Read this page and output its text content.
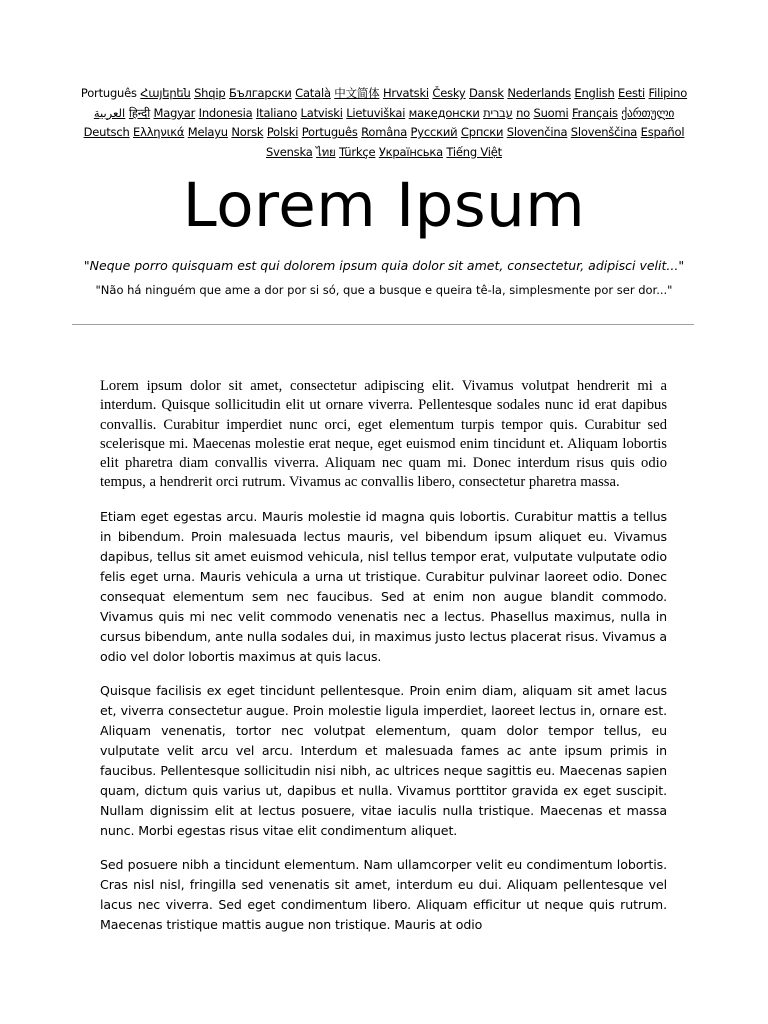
Português Հայերեն Shqip Български Català 中文简体 Hrvatski Česky Dansk Nederlands English Eesti Filipino العربية हिन्दी Magyar Indonesia Italiano Latviski Lietuviškai македонски עברית no Suomi Français ქართული Deutsch Ελληνικά Melayu Norsk Polski Português Româna Русский Српски Slovenčina Slovenščina Español Svenska ไทย Türkçe Українська Tiếng Việt
Lorem Ipsum
"Neque porro quisquam est qui dolorem ipsum quia dolor sit amet, consectetur, adipisci velit..."
"Não há ninguém que ame a dor por si só, que a busque e queira tê-la, simplesmente por ser dor..."

Lorem ipsum dolor sit amet, consectetur adipiscing elit. Vivamus volutpat hendrerit mi a interdum. Quisque sollicitudin elit ut ornare viverra. Pellentesque sodales nunc id erat dapibus convallis. Curabitur imperdiet nunc orci, eget elementum turpis tempor quis. Curabitur sed scelerisque mi. Maecenas molestie erat neque, eget euismod enim tincidunt et. Aliquam lobortis elit pharetra diam convallis viverra. Aliquam nec quam mi. Donec interdum risus quis odio tempus, a hendrerit orci rutrum. Vivamus ac convallis libero, consectetur pharetra massa.

Etiam eget egestas arcu. Mauris molestie id magna quis lobortis. Curabitur mattis a tellus in bibendum. Proin malesuada lectus mauris, vel bibendum ipsum aliquet eu. Vivamus dapibus, tellus sit amet euismod vehicula, nisl tellus tempor erat, vulputate vulputate odio felis eget urna. Mauris vehicula a urna ut tristique. Curabitur pulvinar laoreet odio. Donec consequat elementum sem nec faucibus. Sed at enim non augue blandit commodo. Vivamus quis mi nec velit commodo venenatis nec a lectus. Phasellus maximus, nulla in cursus bibendum, ante nulla sodales dui, in maximus justo lectus placerat risus. Vivamus a odio vel dolor lobortis maximus at quis lacus.

Quisque facilisis ex eget tincidunt pellentesque. Proin enim diam, aliquam sit amet lacus et, viverra consectetur augue. Proin molestie ligula imperdiet, laoreet lectus in, ornare est. Aliquam venenatis, tortor nec volutpat elementum, quam dolor tempor tellus, eu vulputate velit arcu vel arcu. Interdum et malesuada fames ac ante ipsum primis in faucibus. Pellentesque sollicitudin nisi nibh, ac ultrices neque sagittis eu. Maecenas sapien quam, dictum quis varius ut, dapibus et nulla. Vivamus porttitor gravida ex eget suscipit. Nullam dignissim elit at lectus posuere, vitae iaculis nulla tristique. Maecenas et massa nunc. Morbi egestas risus vitae elit condimentum aliquet.

Sed posuere nibh a tincidunt elementum. Nam ullamcorper velit eu condimentum lobortis. Cras nisl nisl, fringilla sed venenatis sit amet, interdum eu dui. Aliquam pellentesque vel lacus nec viverra. Sed eget condimentum libero. Aliquam efficitur ut neque quis rutrum. Maecenas tristique mattis augue non tristique. Mauris at odio
